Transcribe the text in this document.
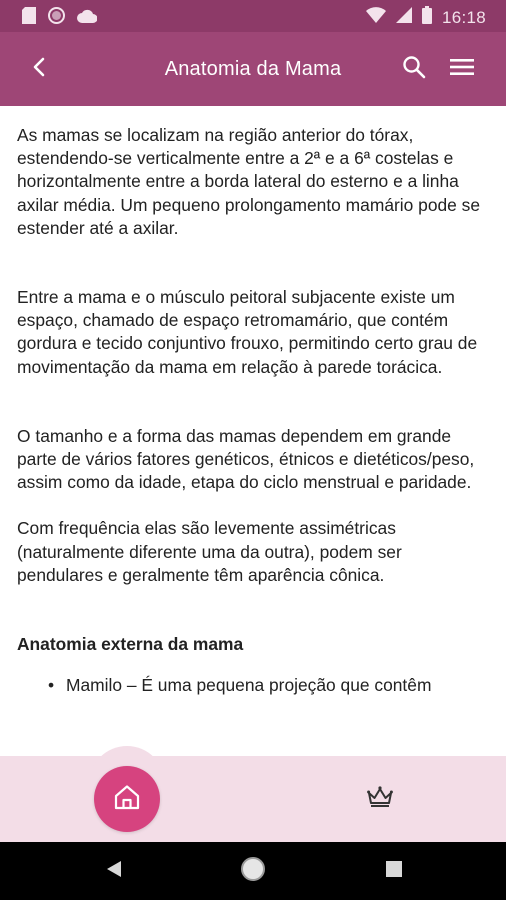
16:18
Anatomia da Mama

As mamas se localizam na região anterior do tórax, estendendo-se verticalmente entre a 2ª e a 6ª costelas e horizontalmente entre a borda lateral do esterno e a linha axilar média. Um pequeno prolongamento mamário pode se estender até a axilar.

Entre a mama e o músculo peitoral subjacente existe um espaço, chamado de espaço retromamário, que contém gordura e tecido conjuntivo frouxo, permitindo certo grau de movimentação da mama em relação à parede torácica.

O tamanho e a forma das mamas dependem em grande parte de vários fatores genéticos, étnicos e dietéticos/peso, assim como da idade, etapa do ciclo menstrual e paridade.

Com frequência elas são levemente assimétricas (naturalmente diferente uma da outra), podem ser pendulares e geralmente têm aparência cônica.

Anatomia externa da mama
• Mamilo – É uma pequena projeção que contêm
